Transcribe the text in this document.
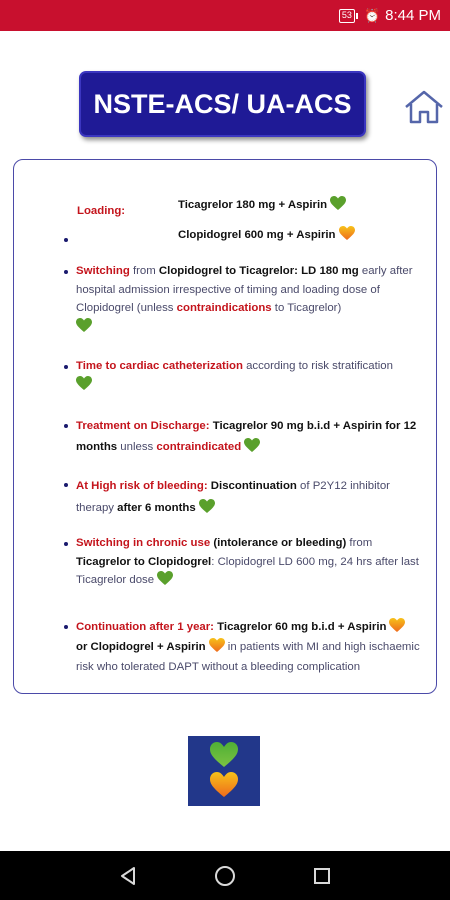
53 ⏰ 8:44 PM
NSTE-ACS/ UA-ACS
Loading:	Ticagrelor 180 mg + Aspirin
Clopidogrel 600 mg + Aspirin
Switching from Clopidogrel to Ticagrelor: LD 180 mg early after hospital admission irrespective of timing and loading dose of Clopidogrel (unless contraindications to Ticagrelor)

Time to cardiac catheterization according to risk stratification

Treatment on Discharge: Ticagrelor 90 mg b.i.d + Aspirin for 12 months unless contraindicated
At High risk of bleeding: Discontinuation of P2Y12 inhibitor therapy after 6 months
Switching in chronic use (intolerance or bleeding) from
Ticagrelor to Clopidogrel: Clopidogrel LD 600 mg, 24 hrs after last Ticagrelor dose
Continuation after 1 year: Ticagrelor 60 mg b.i.d + Aspirin
or Clopidogrel + Aspirin in patients with MI and high ischaemic risk who tolerated DAPT without a bleeding complication
